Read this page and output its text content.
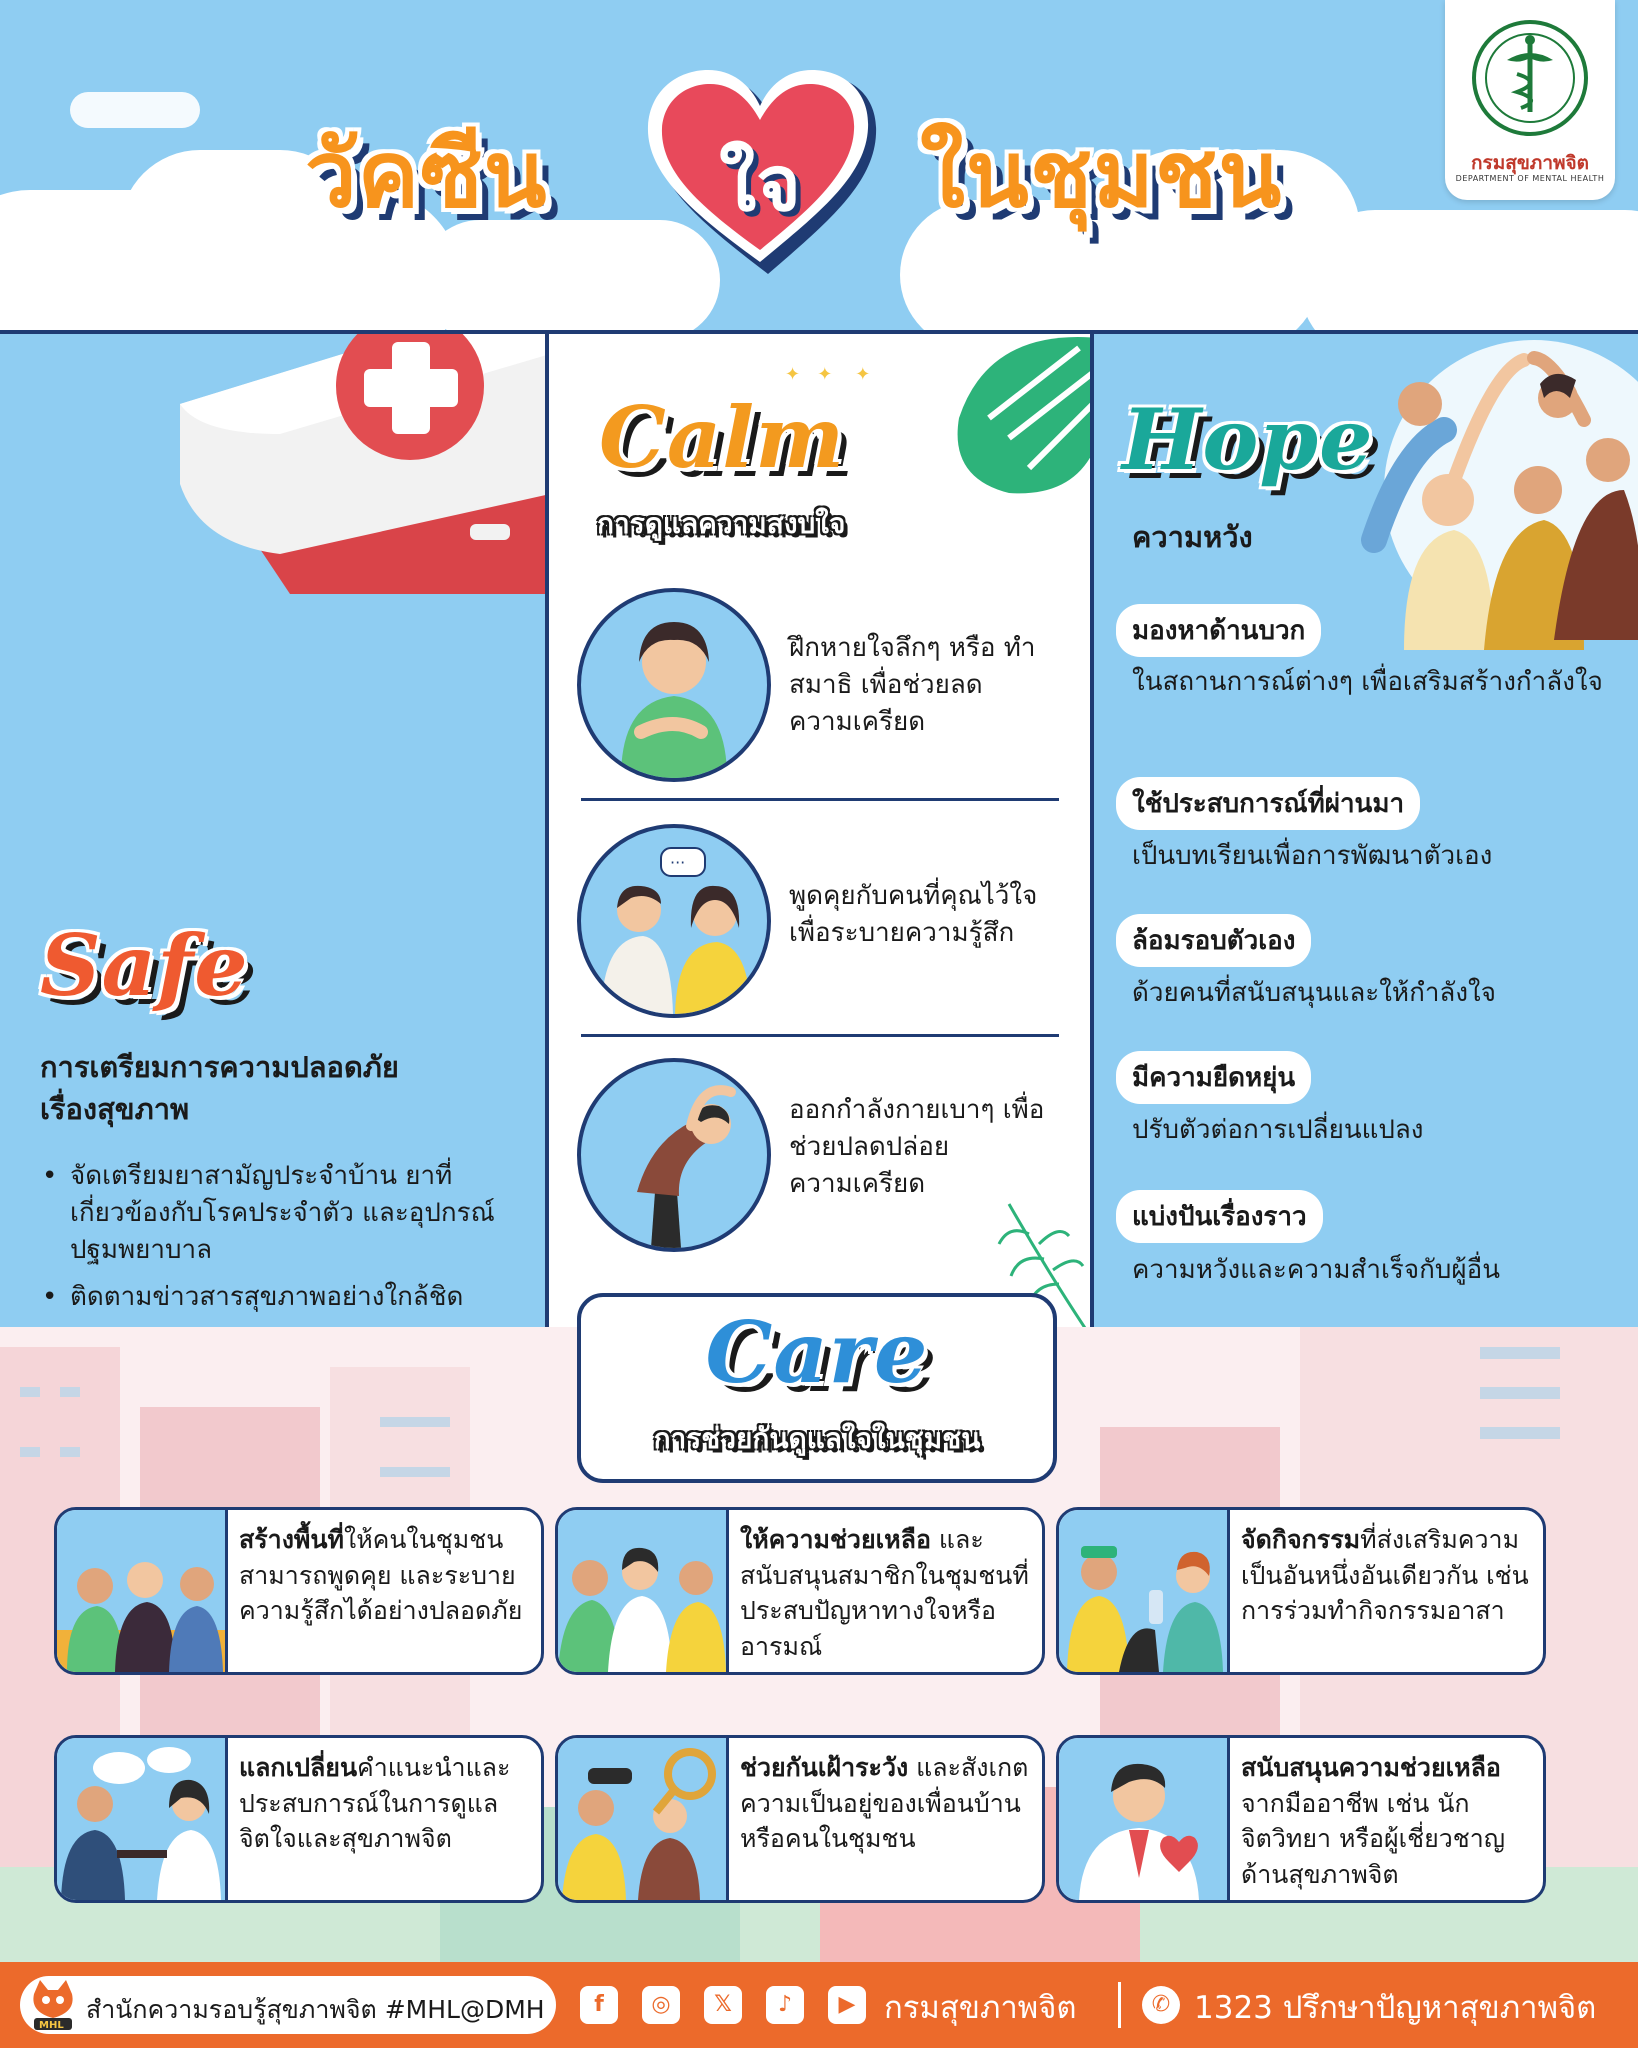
วัคซีน	ใจ	ในชุมชน	กรมสุขภาพจิต
DEPARTMENT OF MENTAL HEALTH
Safe
การเตรียมการความปลอดภัย
เรื่องสุขภาพ
• จัดเตรียมยาสามัญประจำบ้าน ยาที่เกี่ยวข้องกับโรคประจำตัว และอุปกรณ์ปฐมพยาบาล
• ติดตามข่าวสารสุขภาพอย่างใกล้ชิด
✦   ✦    ✦
Calm
การดูแลความสงบใจ
ฝึกหายใจลึกๆ หรือ ทำสมาธิ เพื่อช่วยลด ความเครียด
···
พูดคุยกับคนที่คุณไว้ใจ เพื่อระบายความรู้สึก
ออกกำลังกายเบาๆ เพื่อช่วยปลดปล่อย ความเครียด
Hope
ความหวัง
มองหาด้านบวก
ในสถานการณ์ต่างๆ เพื่อเสริมสร้างกำลังใจ
ใช้ประสบการณ์ที่ผ่านมา
เป็นบทเรียนเพื่อการพัฒนาตัวเอง
ล้อมรอบตัวเอง
ด้วยคนที่สนับสนุนและให้กำลังใจ
มีความยืดหยุ่น
ปรับตัวต่อการเปลี่ยนแปลง
แบ่งปันเรื่องราว
ความหวังและความสำเร็จกับผู้อื่น
Care
การช่วยกันดูแลใจในชุมชน
สร้างพื้นที่ให้คนในชุมชนสามารถพูดคุย และระบายความรู้สึกได้อย่างปลอดภัย
ให้ความช่วยเหลือ และสนับสนุนสมาชิกในชุมชนที่ประสบปัญหาทางใจหรืออารมณ์
จัดกิจกรรมที่ส่งเสริมความเป็นอันหนึ่งอันเดียวกัน เช่น การร่วมทำกิจกรรมอาสา
แลกเปลี่ยนคำแนะนำและประสบการณ์ในการดูแลจิตใจและสุขภาพจิต
ช่วยกันเฝ้าระวัง และสังเกตความเป็นอยู่ของเพื่อนบ้าน หรือคนในชุมชน
สนับสนุนความช่วยเหลือ จากมืออาชีพ เช่น นักจิตวิทยา หรือผู้เชี่ยวชาญด้านสุขภาพจิต
MHL
สำนักความรอบรู้สุขภาพจิต #MHL@DMH	f	◎	𝕏	♪	▶ กรมสุขภาพจิต	✆ 1323 ปรึกษาปัญหาสุขภาพจิต
